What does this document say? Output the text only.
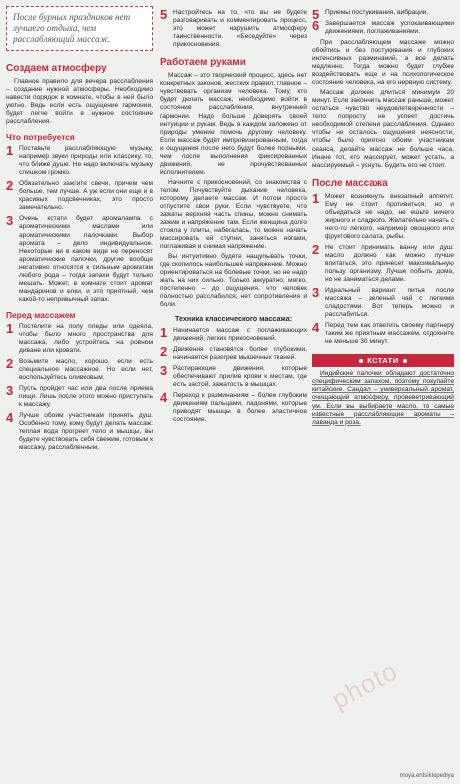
После бурных праздников нет лучшего отдыха, чем расслабляющий массаж.
Создаем атмосферу

Главное правило для вечера расслабления – создание нужной атмосферы. Необходимо навести порядок в комнате, чтобы в ней было уютно. Ведь если есть ощущение гармонии, будет легче войти в нужное состояние расслабления.

Что потребуется
1 Поставьте расслабляющую музыку, например звуки природы или классику, то, что ближе душе. Не надо включать музыку слишком громко.
2 Обязательно зажгите свечи, причем чем больше, тем лучше. А уж если они еще и в красивых подсвечниках, это просто замечательно.
3 Очень кстати будет аромалампа с ароматическими маслами или ароматическими палочками. Выбор аромата – дело индивидуальное. Некоторые ни в каком виде не переносят ароматические палочки, другие вообще негативно относятся к сильным ароматам любого рода – тогда запахи будут только мешать. Может, в комнате стоит аромат мандаринов и елки, и это приятный, чем какой-то непривычный запах.
Перед массажем
1 Постелите на полу пледы или одеяла, чтобы было много пространства для массажа, либо устройтесь на ровном диване или кровати.
2 Возьмите масло, хорошо, если есть специальное массажное. Но если нет, воспользуйтесь оливковым.
3 Пусть пройдет час или два после приема пищи. Лишь после этого можно приступать к массажу.
4 Лучше обоим участникам принять душ. Особенно тому, кому будут делать массаж: теплая вода прогреет тело и мышцы, вы будете чувствовать себя свежим, готовым к массажу, расслабленным.
5 Настройтесь на то, что вы не будете разговаривать и комментировать процесс, это может нарушить атмосферу таинственности. «Беседуйте» через прикосновения.
Работаем руками

Массаж – это творческий процесс, здесь нет конкретных законов, жестких правил, главное – чувствовать организм человека. Тому, кто будет делать массаж, необходимо войти в состояние расслабления, внутренней гармонии. Надо больше доверять своей интуиции и рукам. Ведь в каждом заложено от природы умение помочь другому человеку. Если массаж будет импровизированным, тогда и ощущения после него будут более полными, чем после выполнения фиксированных движений, не прочувствованных исполнителем.

Начните с прикосновений, со знакомства с телом. Почувствуйте дыхание человека, которому делаете массаж. И потом просто отпустите свои руки. Если чувствуете, что зажаты верхняя часть спины, можно снимать зажим и напряжение там. Если женщина долго стояла у плиты, набегалась, то можно начать массировать ей ступни, заняться ногами, поглаживая и снимая напряжение.

Вы интуитивно будете нащупывать точки, где скопилось наибольшее напряжение. Можно ориентироваться на болевые точки, но не надо жать на них сильно. Только аккуратно, мягко, постепенно – до ощущения, что человек полностью расслабился, нет сопротивления и боли.

Техника классического массажа:
1 Начинается массаж с поглаживающих движений, легких прикосновений.
2 Движения становятся более глубокими, начинается разогрев мышечных тканей.
3 Растирающие движения, которые обеспечивают прилив крови к местам, где есть застой, зажатость в мышцах.
4 Переход к разминаниям – более глубоким движениям пальцами, ладонями, которые приводят мышцы в более эластичное состояние.
5 Приемы постукивания, вибрации.
6 Завершается массаж успокаивающими движениями, поглаживаниями.

При расслабляющем массаже можно обойтись и без постукивания и глубоких интенсивных разминаний, а все делать медленно. Тогда можно будет глубже воздействовать еще и на психологическое состояние человека, на его нервную систему.

Массаж должен длиться минимум 20 минут. Если закончить массаж раньше, может остаться чувство неудовлетворенности – тело попросту не успеет достичь необходимой степени расслабления. Однако чтобы не осталось ощущения неясности, чтобы было приятно обоим участникам сеанса, делайте массаж не больше часа. Иначе тот, кто массирует, может устать, а массируемый – уснуть. Будить его не стоит.

После массажа
1 Может возникнуть внезапный аппетит. Ему не стоит противиться, но и объедаться не надо, не ешьте ничего жирного и сладкого. Желательно начать с чего-то легкого, например овощного или фруктового салата, рыбы.
2 Не стоит принимать ванну или душ: масло должно как можно лучше впитаться, это принесет максимальную пользу организму. Лучше побыть дома, но не заниматься делами.
3 Идеальный вариант питья после массажа – зеленый чай с легкими сладостями. Вот теперь можно и расслабиться.
4 Перед тем как ответить своему партнеру таким же приятным массажем, отдохните не меньше 30 минут.
КСТАТИ

Индийские палочки обладают достаточно специфическим запахом, поэтому покупайте китайские. Сандал – универсальный аромат, очищающий атмосферу, провеветривающий ум. Если вы выбираете масло, то самые известные расслабляющие ароматы – лаванда и роза.

photo
moya.entsiklopediya
